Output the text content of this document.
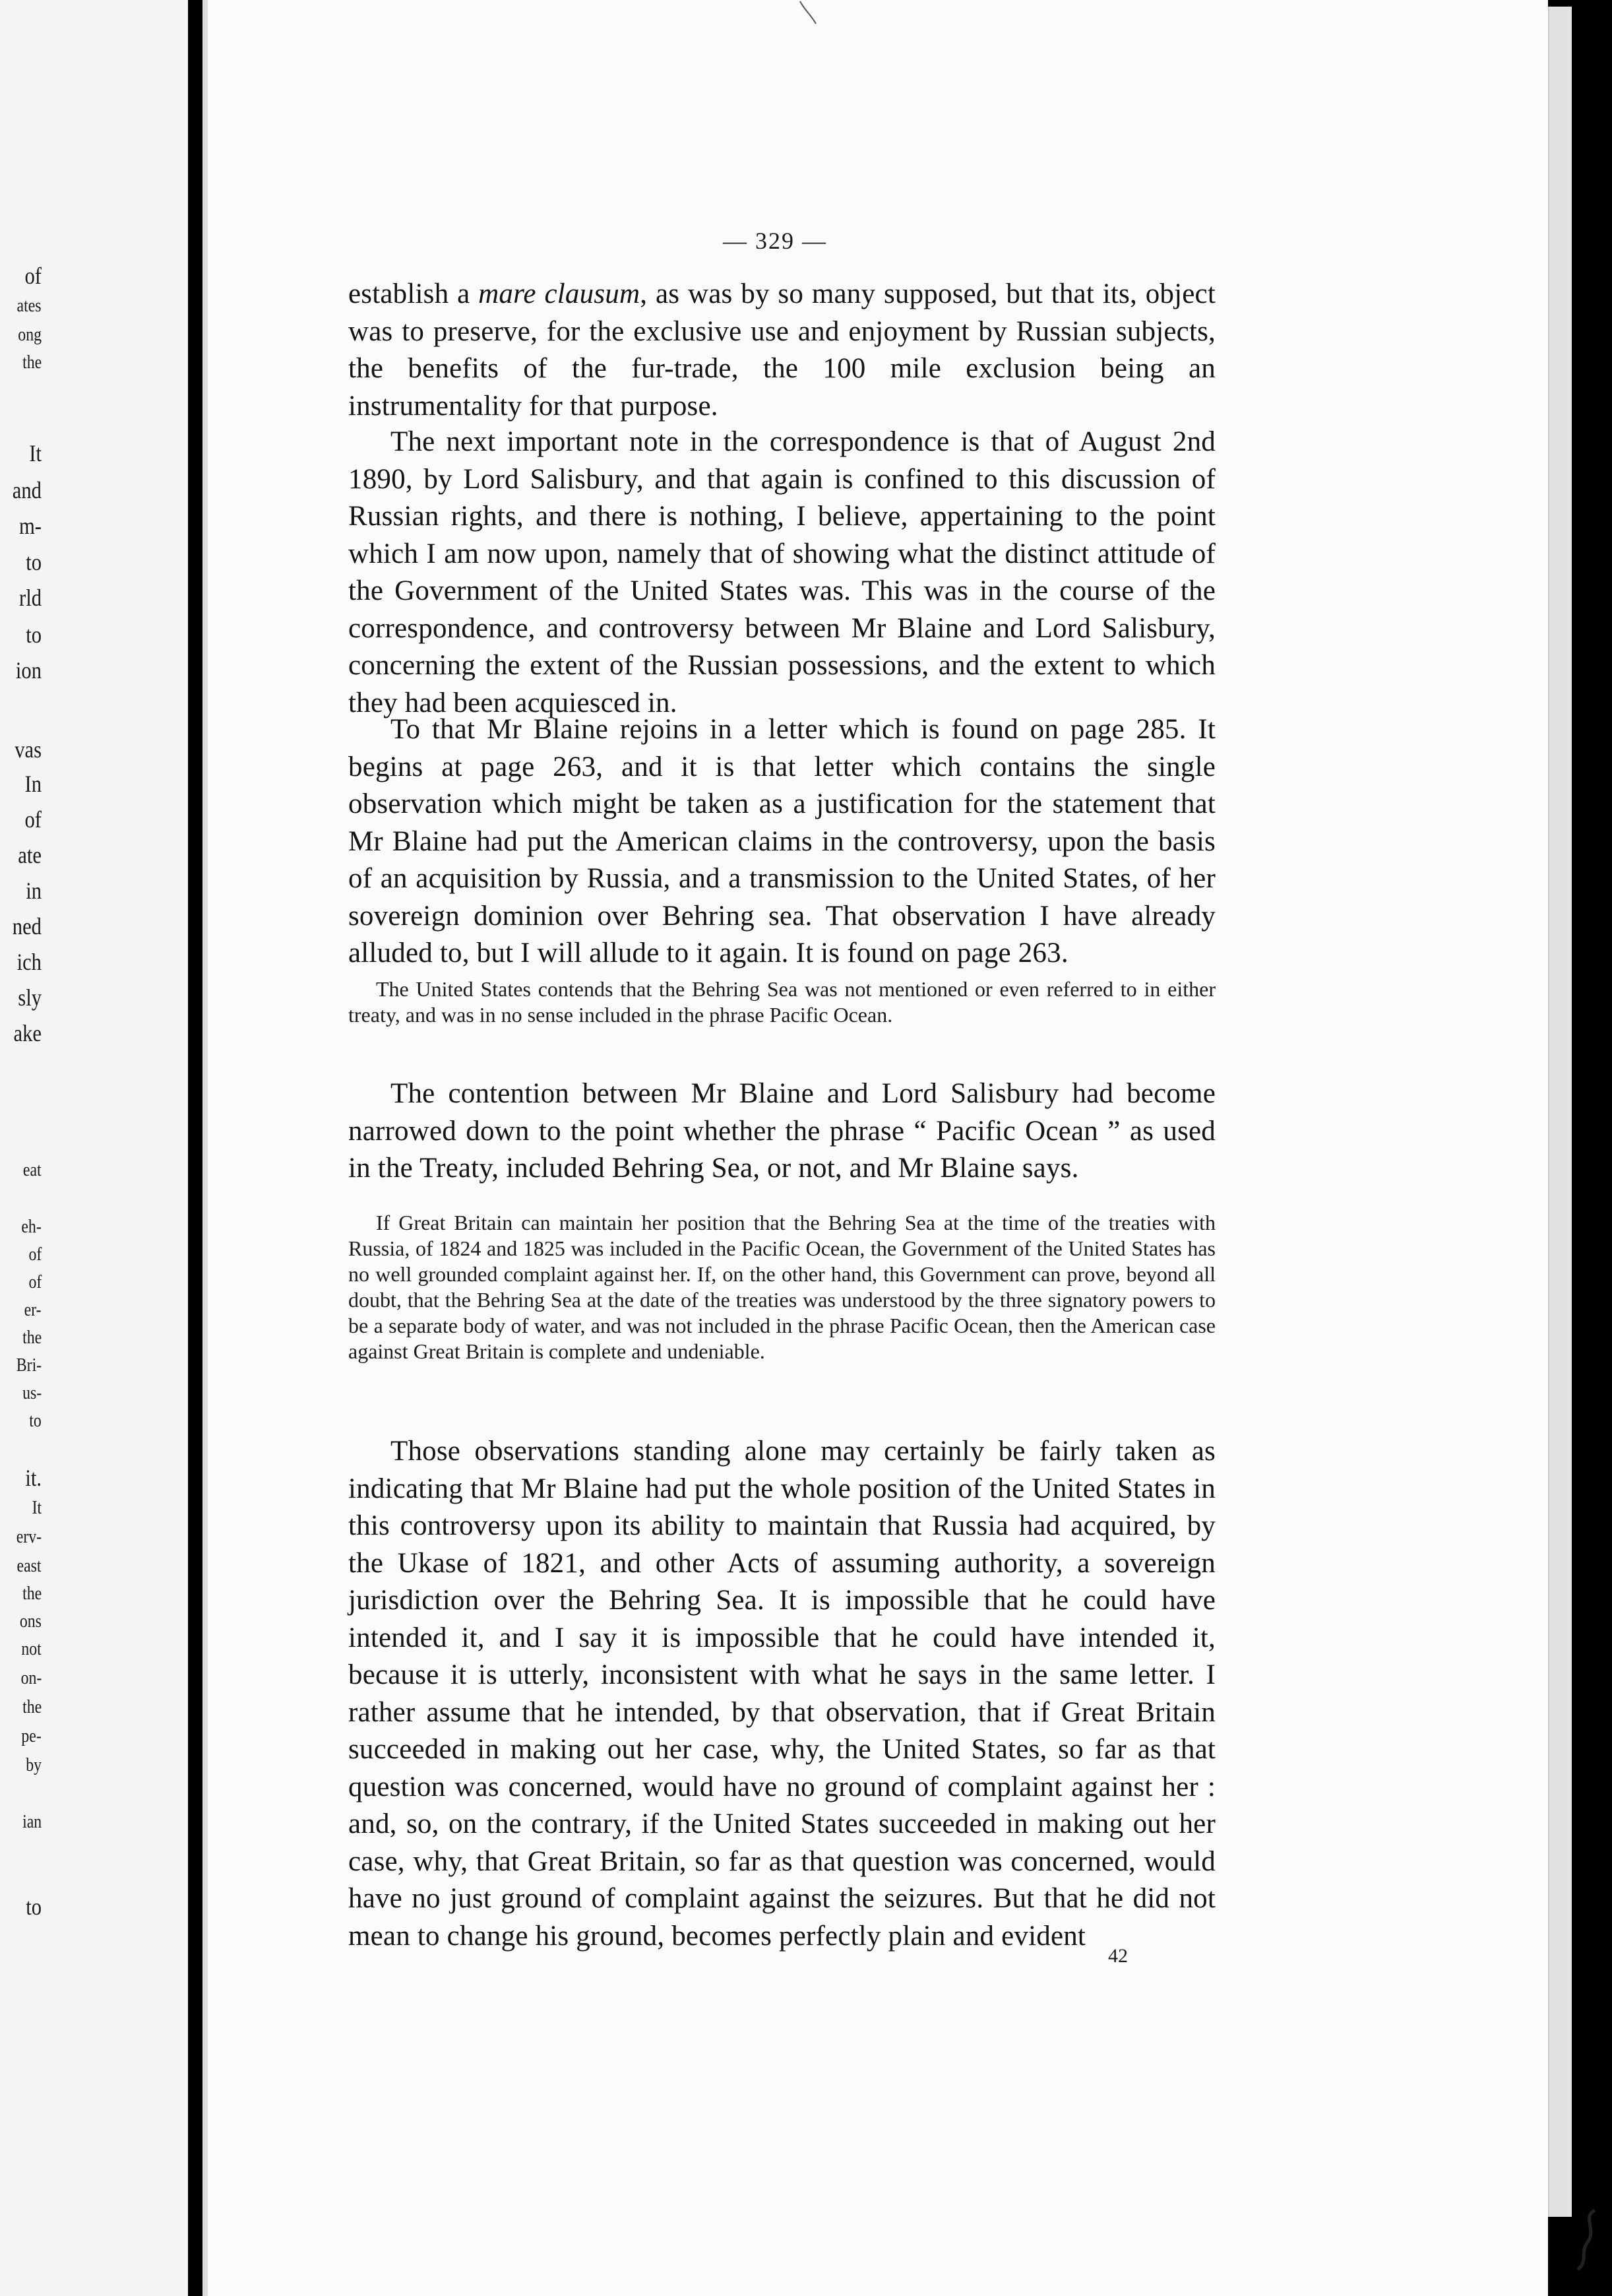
of
ates
ong
the
It
and
m-
to
rld
to
ion
vas
In
of
ate
in
ned
ich
sly
ake
eat
eh-
of
of
er-
the
Bri-
us-
to
it.
It
erv-
east
the
ons
not
on-
the
pe-
by
ian
to
— 329 —

establish a mare clausum, as was by so many supposed, but that its, object was to preserve, for the exclusive use and enjoyment by Russian subjects, the benefits of the fur-trade, the 100 mile exclusion being an instrumentality for that purpose.

The next important note in the correspondence is that of August 2nd 1890, by Lord Salisbury, and that again is confined to this discussion of Russian rights, and there is nothing, I believe, appertaining to the point which I am now upon, namely that of showing what the distinct attitude of the Government of the United States was. This was in the course of the correspondence, and controversy between Mr Blaine and Lord Salisbury, concerning the extent of the Russian possessions, and the extent to which they had been acquiesced in.

To that Mr Blaine rejoins in a letter which is found on page 285. It begins at page 263, and it is that letter which contains the single observation which might be taken as a justification for the statement that Mr Blaine had put the American claims in the controversy, upon the basis of an acquisition by Russia, and a transmission to the United States, of her sovereign dominion over Behring sea. That observation I have already alluded to, but I will allude to it again. It is found on page 263.

The United States contends that the Behring Sea was not mentioned or even referred to in either treaty, and was in no sense included in the phrase Pacific Ocean.

The contention between Mr Blaine and Lord Salisbury had become narrowed down to the point whether the phrase “ Pacific Ocean ” as used in the Treaty, included Behring Sea, or not, and Mr Blaine says.

If Great Britain can maintain her position that the Behring Sea at the time of the treaties with Russia, of 1824 and 1825 was included in the Pacific Ocean, the Government of the United States has no well grounded complaint against her. If, on the other hand, this Government can prove, beyond all doubt, that the Behring Sea at the date of the treaties was understood by the three signatory powers to be a separate body of water, and was not included in the phrase Pacific Ocean, then the American case against Great Britain is complete and undeniable.

Those observations standing alone may certainly be fairly taken as indicating that Mr Blaine had put the whole position of the United States in this controversy upon its ability to maintain that Russia had acquired, by the Ukase of 1821, and other Acts of assuming authority, a sovereign jurisdiction over the Behring Sea. It is impossible that he could have intended it, and I say it is impossible that he could have intended it, because it is utterly, inconsistent with what he says in the same letter. I rather assume that he intended, by that observation, that if Great Britain succeeded in making out her case, why, the United States, so far as that question was concerned, would have no ground of complaint against her : and, so, on the contrary, if the United States succeeded in making out her case, why, that Great Britain, so far as that question was concerned, would have no just ground of complaint against the seizures. But that he did not mean to change his ground, becomes perfectly plain and evident

42
